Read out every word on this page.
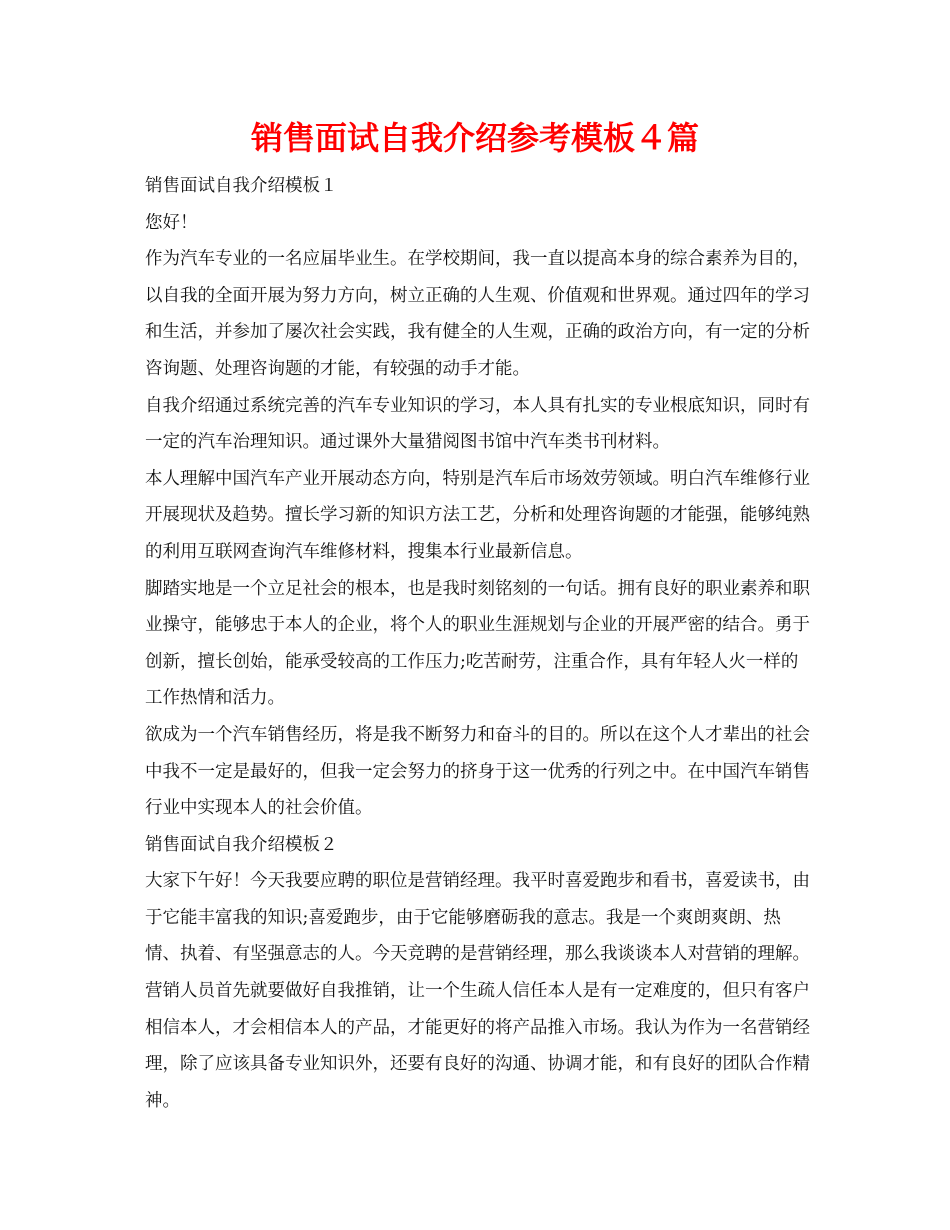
销售面试自我介绍参考模板４篇

销售面试自我介绍模板１

您好！

作为汽车专业的一名应届毕业生。在学校期间，我一直以提高本身的综合素养为目的，以自我的全面开展为努力方向，树立正确的人生观、价值观和世界观。通过四年的学习和生活，并参加了屡次社会实践，我有健全的人生观，正确的政治方向，有一定的分析咨询题、处理咨询题的才能，有较强的动手才能。

自我介绍通过系统完善的汽车专业知识的学习，本人具有扎实的专业根底知识，同时有一定的汽车治理知识。通过课外大量猎阅图书馆中汽车类书刊材料。

本人理解中国汽车产业开展动态方向，特别是汽车后市场效劳领域。明白汽车维修行业开展现状及趋势。擅长学习新的知识方法工艺，分析和处理咨询题的才能强，能够纯熟的利用互联网查询汽车维修材料，搜集本行业最新信息。

脚踏实地是一个立足社会的根本，也是我时刻铭刻的一句话。拥有良好的职业素养和职业操守，能够忠于本人的企业，将个人的职业生涯规划与企业的开展严密的结合。勇于创新，擅长创始，能承受较高的工作压力;吃苦耐劳，注重合作，具有年轻人火一样的工作热情和活力。

欲成为一个汽车销售经历，将是我不断努力和奋斗的目的。所以在这个人才辈出的社会中我不一定是最好的，但我一定会努力的挤身于这一优秀的行列之中。在中国汽车销售行业中实现本人的社会价值。

销售面试自我介绍模板２

大家下午好！今天我要应聘的职位是营销经理。我平时喜爱跑步和看书，喜爱读书，由于它能丰富我的知识;喜爱跑步，由于它能够磨砺我的意志。我是一个爽朗爽朗、热情、执着、有坚强意志的人。今天竞聘的是营销经理，那么我谈谈本人对营销的理解。营销人员首先就要做好自我推销，让一个生疏人信任本人是有一定难度的，但只有客户相信本人，才会相信本人的产品，才能更好的将产品推入市场。我认为作为一名营销经理，除了应该具备专业知识外，还要有良好的沟通、协调才能，和有良好的团队合作精神。
